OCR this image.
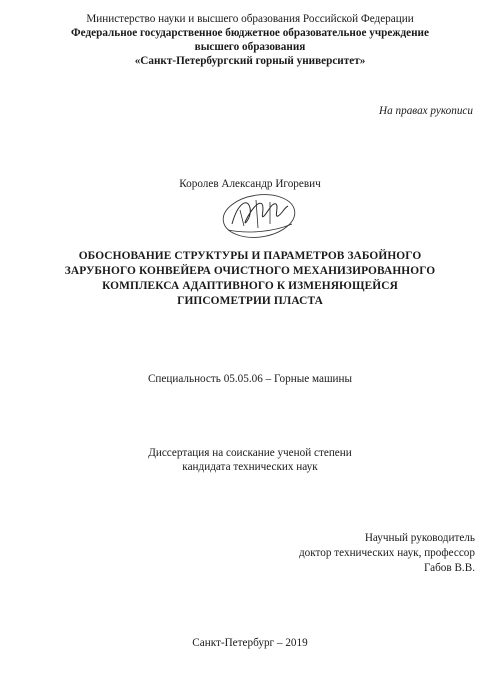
Министерство науки и высшего образования Российской Федерации
Федеральное государственное бюджетное образовательное учреждение
высшего образования
«Санкт-Петербургский горный университет»
На правах рукописи
Королев Александр Игоревич
ОБОСНОВАНИЕ СТРУКТУРЫ И ПАРАМЕТРОВ ЗАБОЙНОГО
ЗАРУБНОГО КОНВЕЙЕРА ОЧИСТНОГО МЕХАНИЗИРОВАННОГО
КОМПЛЕКСА АДАПТИВНОГО К ИЗМЕНЯЮЩЕЙСЯ
ГИПСОМЕТРИИ ПЛАСТА
Специальность 05.05.06 – Горные машины
Диссертация на соискание ученой степени
кандидата технических наук
Научный руководитель
доктор технических наук, профессор
Габов В.В.
Санкт-Петербург – 2019
